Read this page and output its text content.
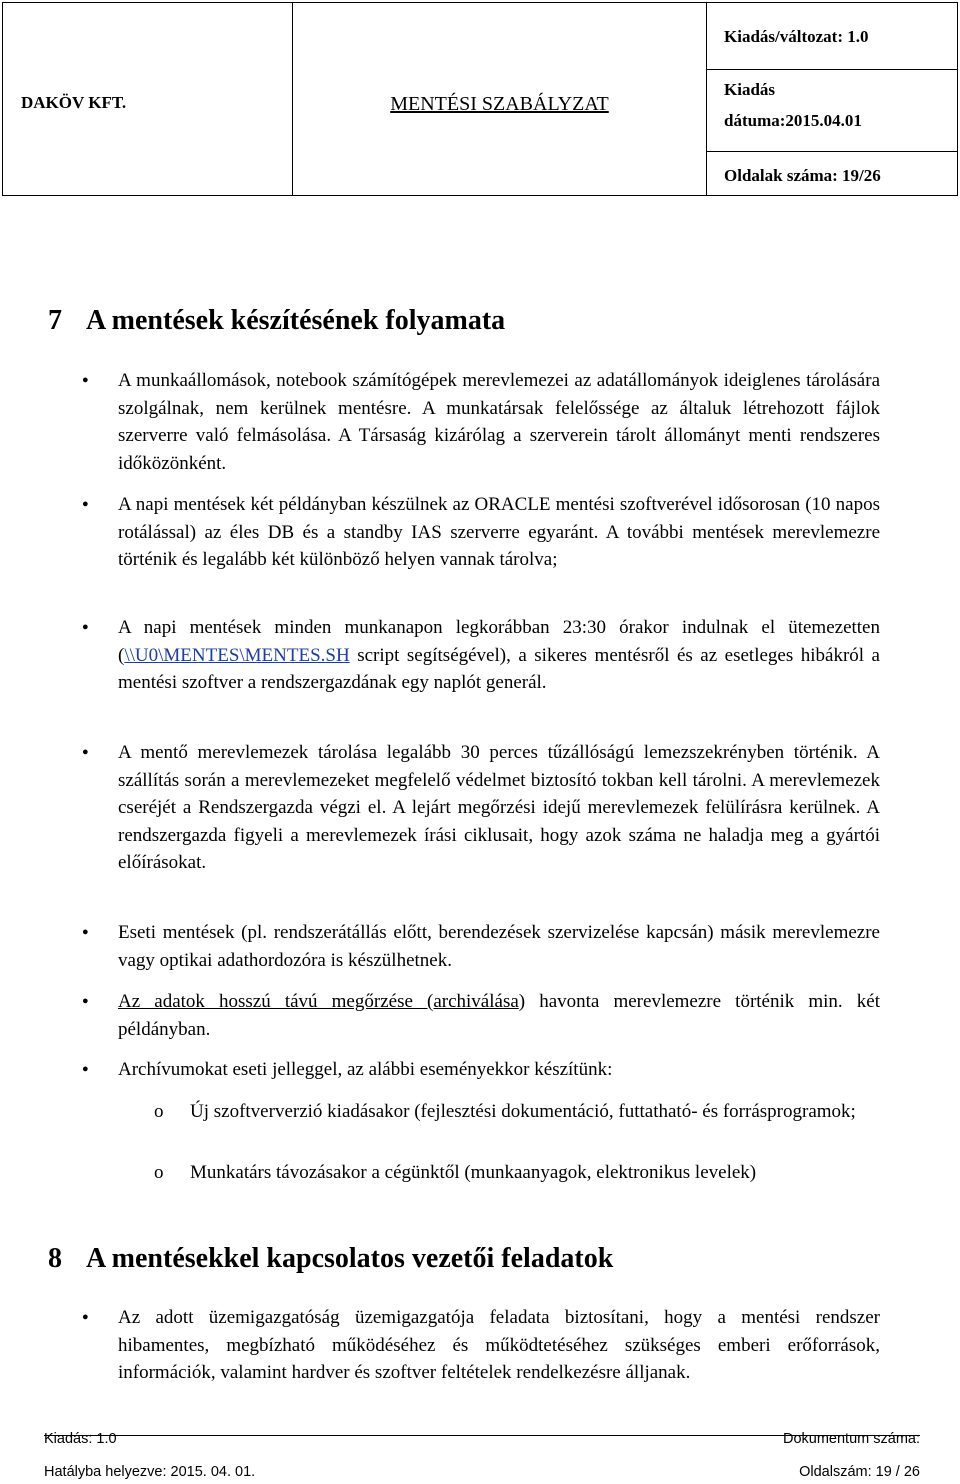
DAKÖV KFT.	MENTÉSI SZABÁLYZAT
Kiadás/változat: 1.0
Kiadás
dátuma:2015.04.01
Oldalak száma: 19/26
7 A mentések készítésének folyamata
● A munkaállomások, notebook számítógépek merevlemezei az adatállományok ideiglenes tárolására szolgálnak, nem kerülnek mentésre. A munkatársak felelőssége az általuk létrehozott fájlok szerverre való felmásolása. A Társaság kizárólag a szerverein tárolt állományt menti rendszeres időközönként.
● A napi mentések két példányban készülnek az ORACLE mentési szoftverével idősorosan (10 napos rotálással) az éles DB és a standby IAS szerverre egyaránt. A további mentések merevlemezre történik és legalább két különböző helyen vannak tárolva;
● A napi mentések minden munkanapon legkorábban 23:30 órakor indulnak el ütemezetten (\\U0\MENTES\MENTES.SH script segítségével), a sikeres mentésről és az esetleges hibákról a mentési szoftver a rendszergazdának egy naplót generál.
● A mentő merevlemezek tárolása legalább 30 perces tűzállóságú lemezszekrényben történik. A szállítás során a merevlemezeket megfelelő védelmet biztosító tokban kell tárolni. A merevlemezek cseréjét a Rendszergazda végzi el. A lejárt megőrzési idejű merevlemezek felülírásra kerülnek. A rendszergazda figyeli a merevlemezek írási ciklusait, hogy azok száma ne haladja meg a gyártói előírásokat.
● Eseti mentések (pl. rendszerátállás előtt, berendezések szervizelése kapcsán) másik merevlemezre vagy optikai adathordozóra is készülhetnek.
● Az adatok hosszú távú megőrzése (archiválása) havonta merevlemezre történik min. két példányban.
● Archívumokat eseti jelleggel, az alábbi eseményekkor készítünk:
o Új szoftververzió kiadásakor (fejlesztési dokumentáció, futtatható- és forrásprogramok;
o Munkatárs távozásakor a cégünktől (munkaanyagok, elektronikus levelek)
8 A mentésekkel kapcsolatos vezetői feladatok
● Az adott üzemigazgatóság üzemigazgatója feladata biztosítani, hogy a mentési rendszer hibamentes, megbízható működéséhez és működtetéséhez szükséges emberi erőforrások, információk, valamint hardver és szoftver feltételek rendelkezésre álljanak.
Kiadás: 1.0	Dokumentum száma:
Hatályba helyezve: 2015. 04. 01.	Oldalszám: 19 / 26
